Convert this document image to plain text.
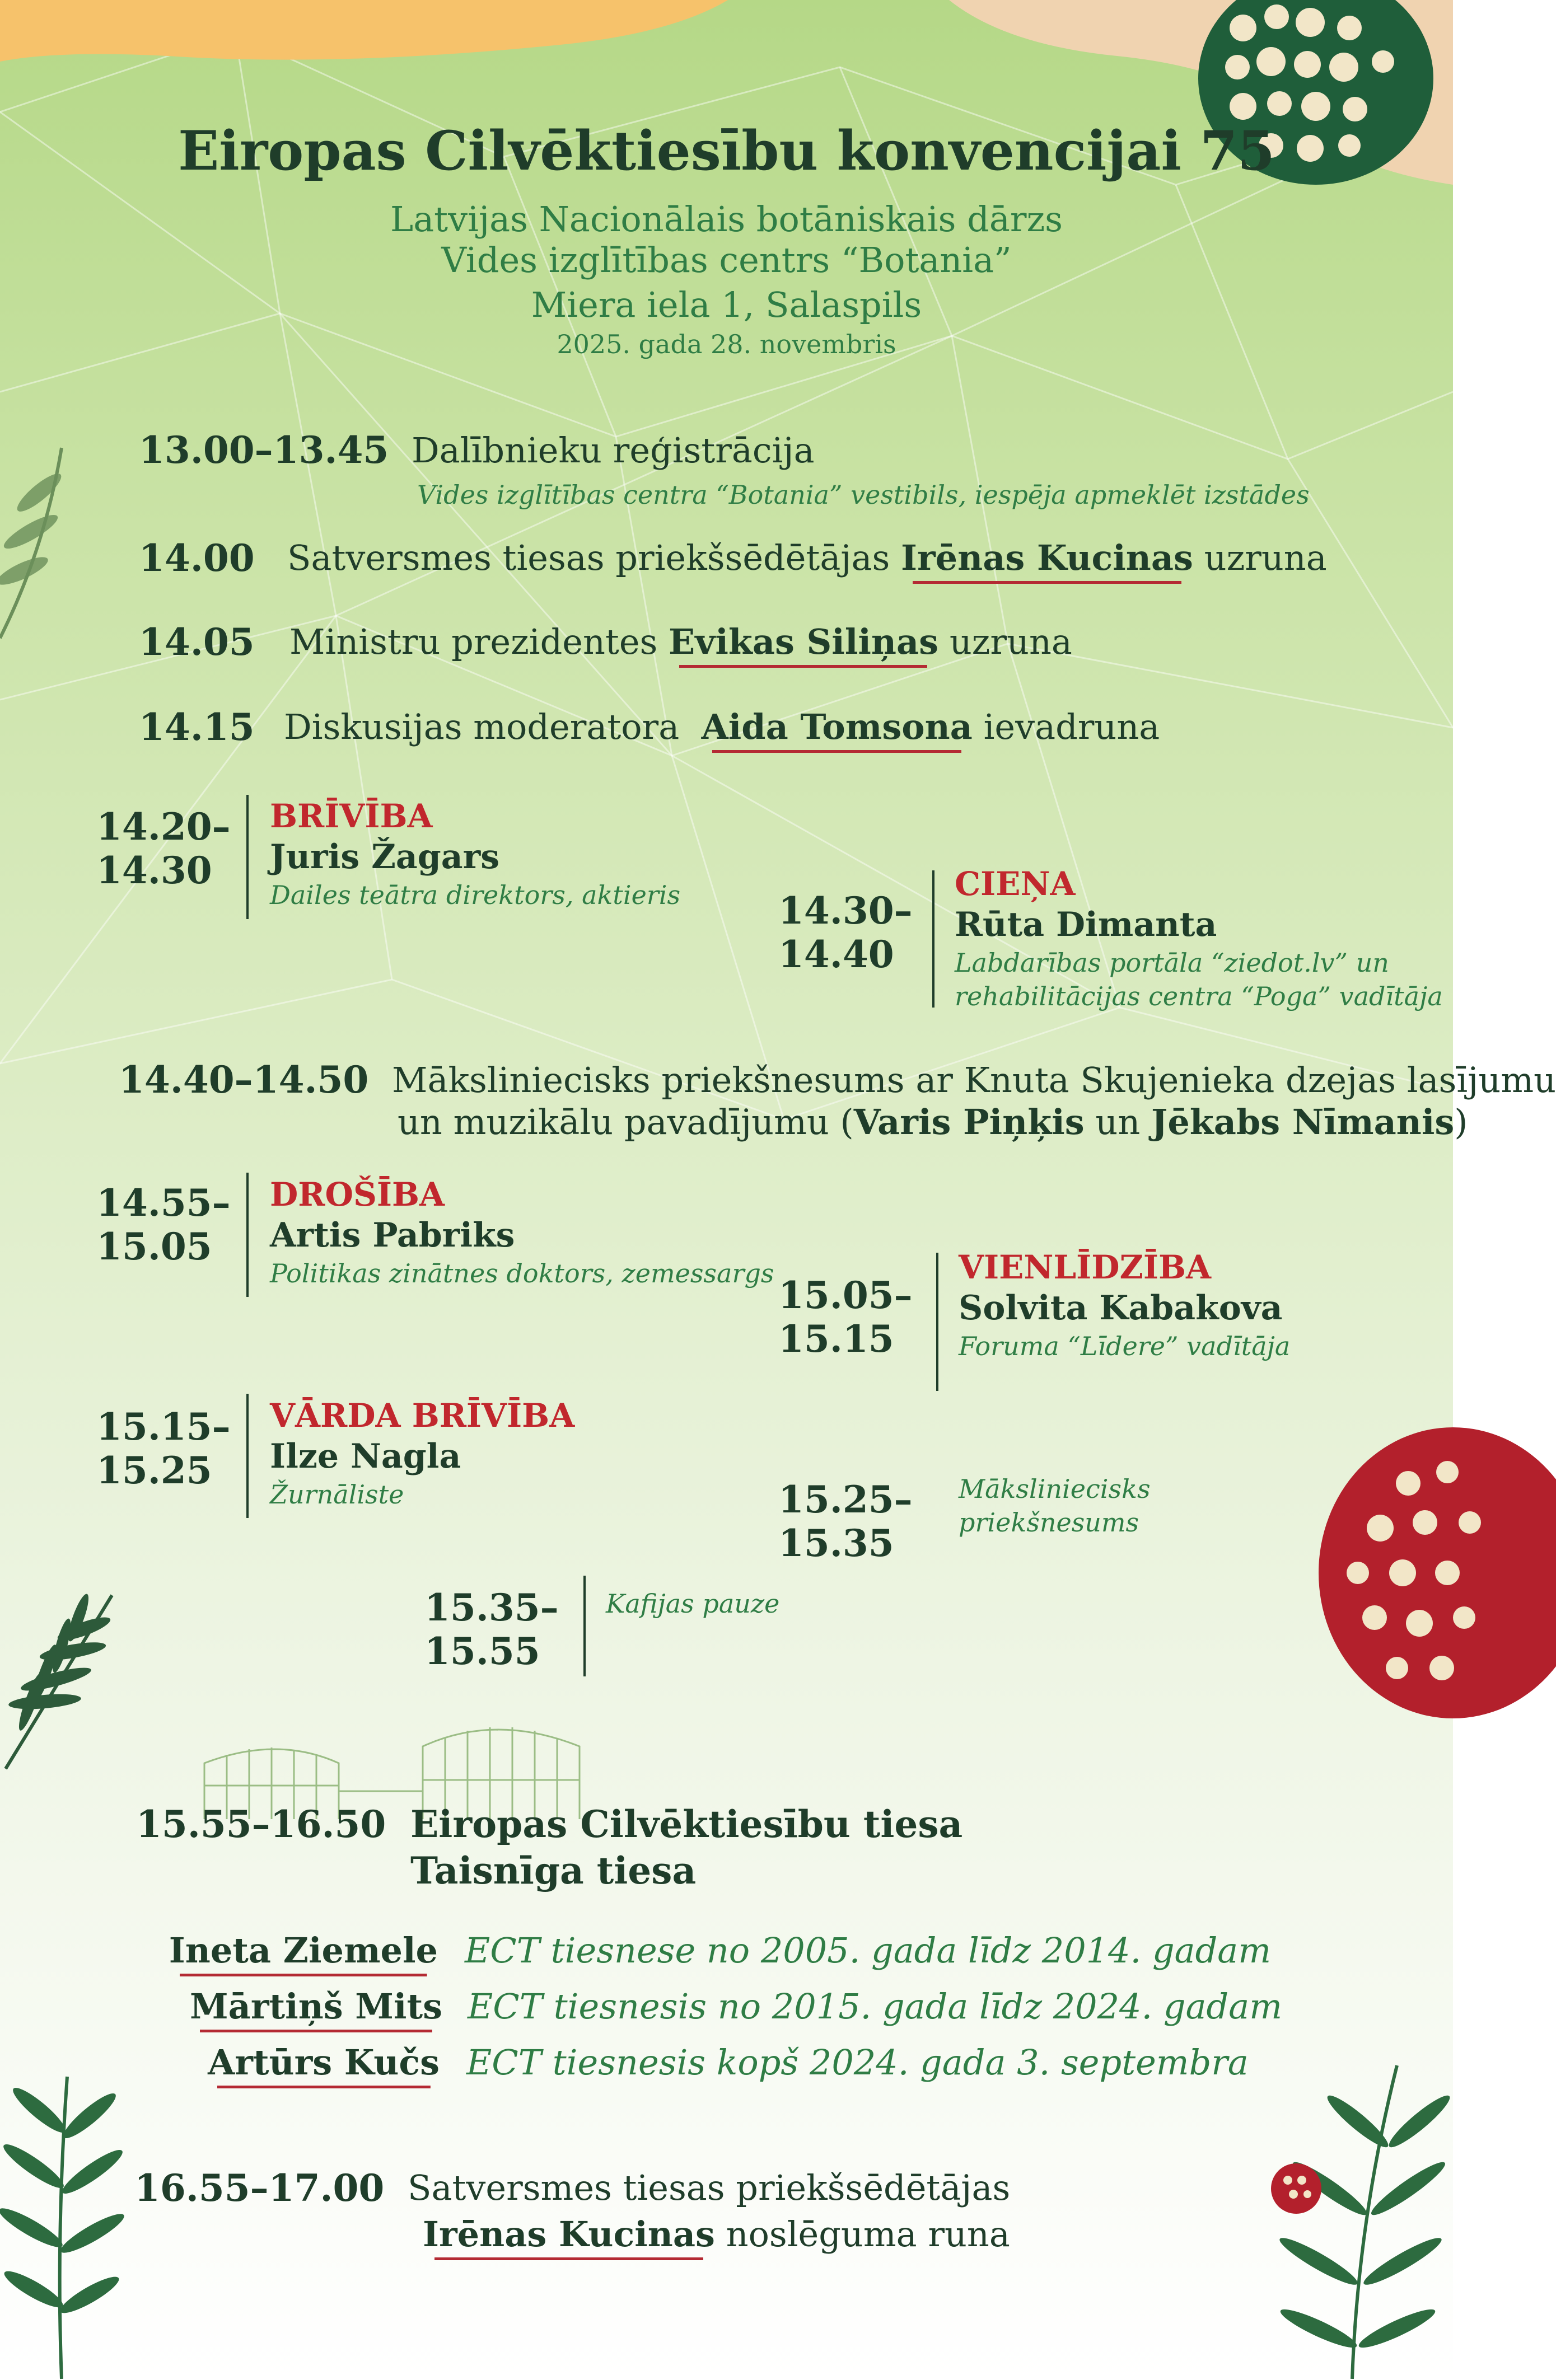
Eiropas Cilvēktiesību konvencijai 75
Latvijas Nacionālais botāniskais dārzs
Vides izglītības centrs “Botania”
Miera iela 1, Salaspils
2025. gada 28. novembris
13.00–13.45 Dalībnieku reģistrācija
Vides izglītības centra “Botania” vestibils, iespēja apmeklēt izstādes
14.00 Satversmes tiesas priekšsēdētājas Irēnas Kucinas uzruna
14.05 Ministru prezidentes Evikas Siliņas uzruna
14.15 Diskusijas moderatora Aida Tomsona ievadruna
14.20–
14.30
BRĪVĪBA
Juris Žagars
Dailes teātra direktors, aktieris	14.30–
14.40
CIEŅA
Rūta Dimanta
Labdarības portāla “ziedot.lv” un
rehabilitācijas centra “Poga” vadītāja
14.40–14.50 Māksliniecisks priekšnesums ar Knuta Skujenieka dzejas lasījumu
un muzikālu pavadījumu (Varis Piņķis un Jēkabs Nīmanis)
14.55–
15.05
DROŠĪBA
Artis Pabriks
Politikas zinātnes doktors, zemessargs 15.05–
15.15
VIENLĪDZĪBA
Solvita Kabakova
Foruma “Līdere” vadītāja
15.15–
15.25
VĀRDA BRĪVĪBA
Ilze Nagla
Žurnāliste	15.25–
15.35
Māksliniecisks
priekšnesums
15.35–
15.55
Kafijas pauze
15.55–16.50 Eiropas Cilvēktiesību tiesa
Taisnīga tiesa
Ineta Ziemele ECT tiesnese no 2005. gada līdz 2014. gadam
Mārtiņš Mits ECT tiesnesis no 2015. gada līdz 2024. gadam
Artūrs Kučs ECT tiesnesis kopš 2024. gada 3. septembra
16.55–17.00 Satversmes tiesas priekšsēdētājas
Irēnas Kucinas noslēguma runa
